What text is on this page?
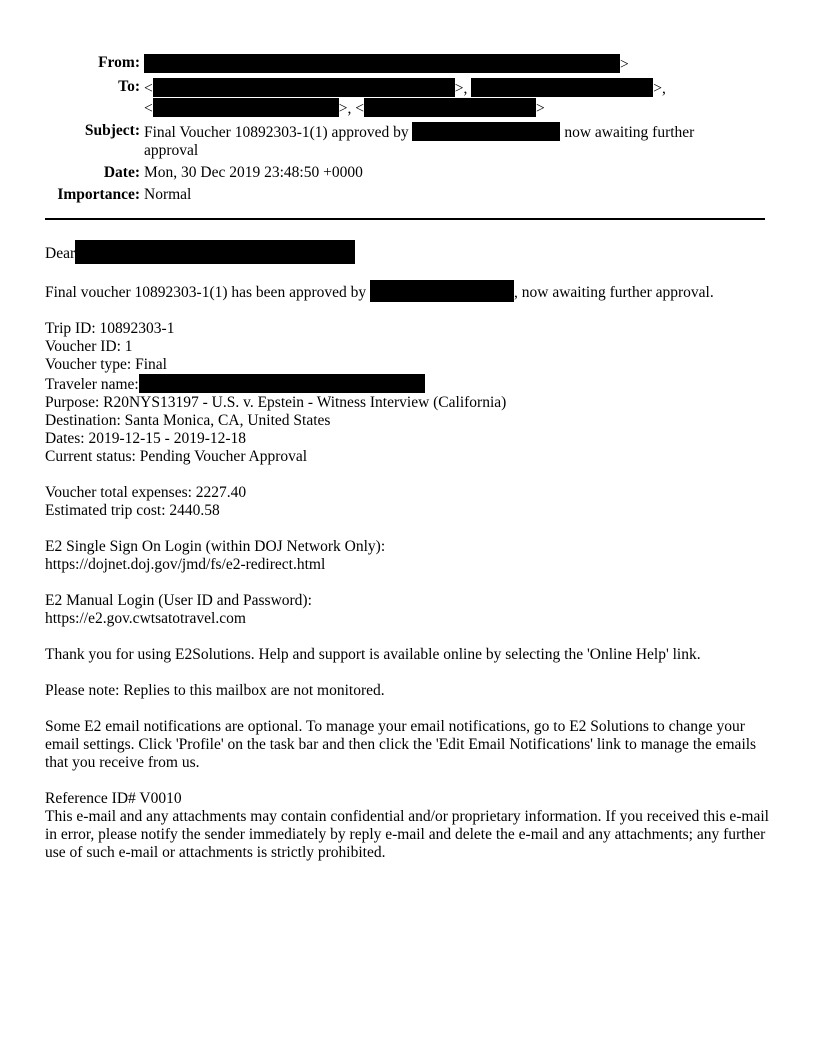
From:	>
To: <	>,	>,
<	>, <	>
Subject: Final Voucher 10892303-1(1) approved by	now awaiting further
approval
Date: Mon, 30 Dec 2019 23:48:50 +0000
Importance: Normal

Dear

Final voucher 10892303-1(1) has been approved by	, now awaiting further approval.

Trip ID: 10892303-1

Voucher ID: 1

Voucher type: Final

Traveler name:

Purpose: R20NYS13197 - U.S. v. Epstein - Witness Interview (California)

Destination: Santa Monica, CA, United States

Dates: 2019-12-15 - 2019-12-18

Current status: Pending Voucher Approval

Voucher total expenses: 2227.40

Estimated trip cost: 2440.58

E2 Single Sign On Login (within DOJ Network Only):

https://dojnet.doj.gov/jmd/fs/e2-redirect.html

E2 Manual Login (User ID and Password):

https://e2.gov.cwtsatotravel.com

Thank you for using E2Solutions. Help and support is available online by selecting the 'Online Help' link.

Please note: Replies to this mailbox are not monitored.

Some E2 email notifications are optional. To manage your email notifications, go to E2 Solutions to change your email settings. Click 'Profile' on the task bar and then click the 'Edit Email Notifications' link to manage the emails that you receive from us.

Reference ID# V0010

This e-mail and any attachments may contain confidential and/or proprietary information. If you received this e-mail in error, please notify the sender immediately by reply e-mail and delete the e-mail and any attachments; any further use of such e-mail or attachments is strictly prohibited.
